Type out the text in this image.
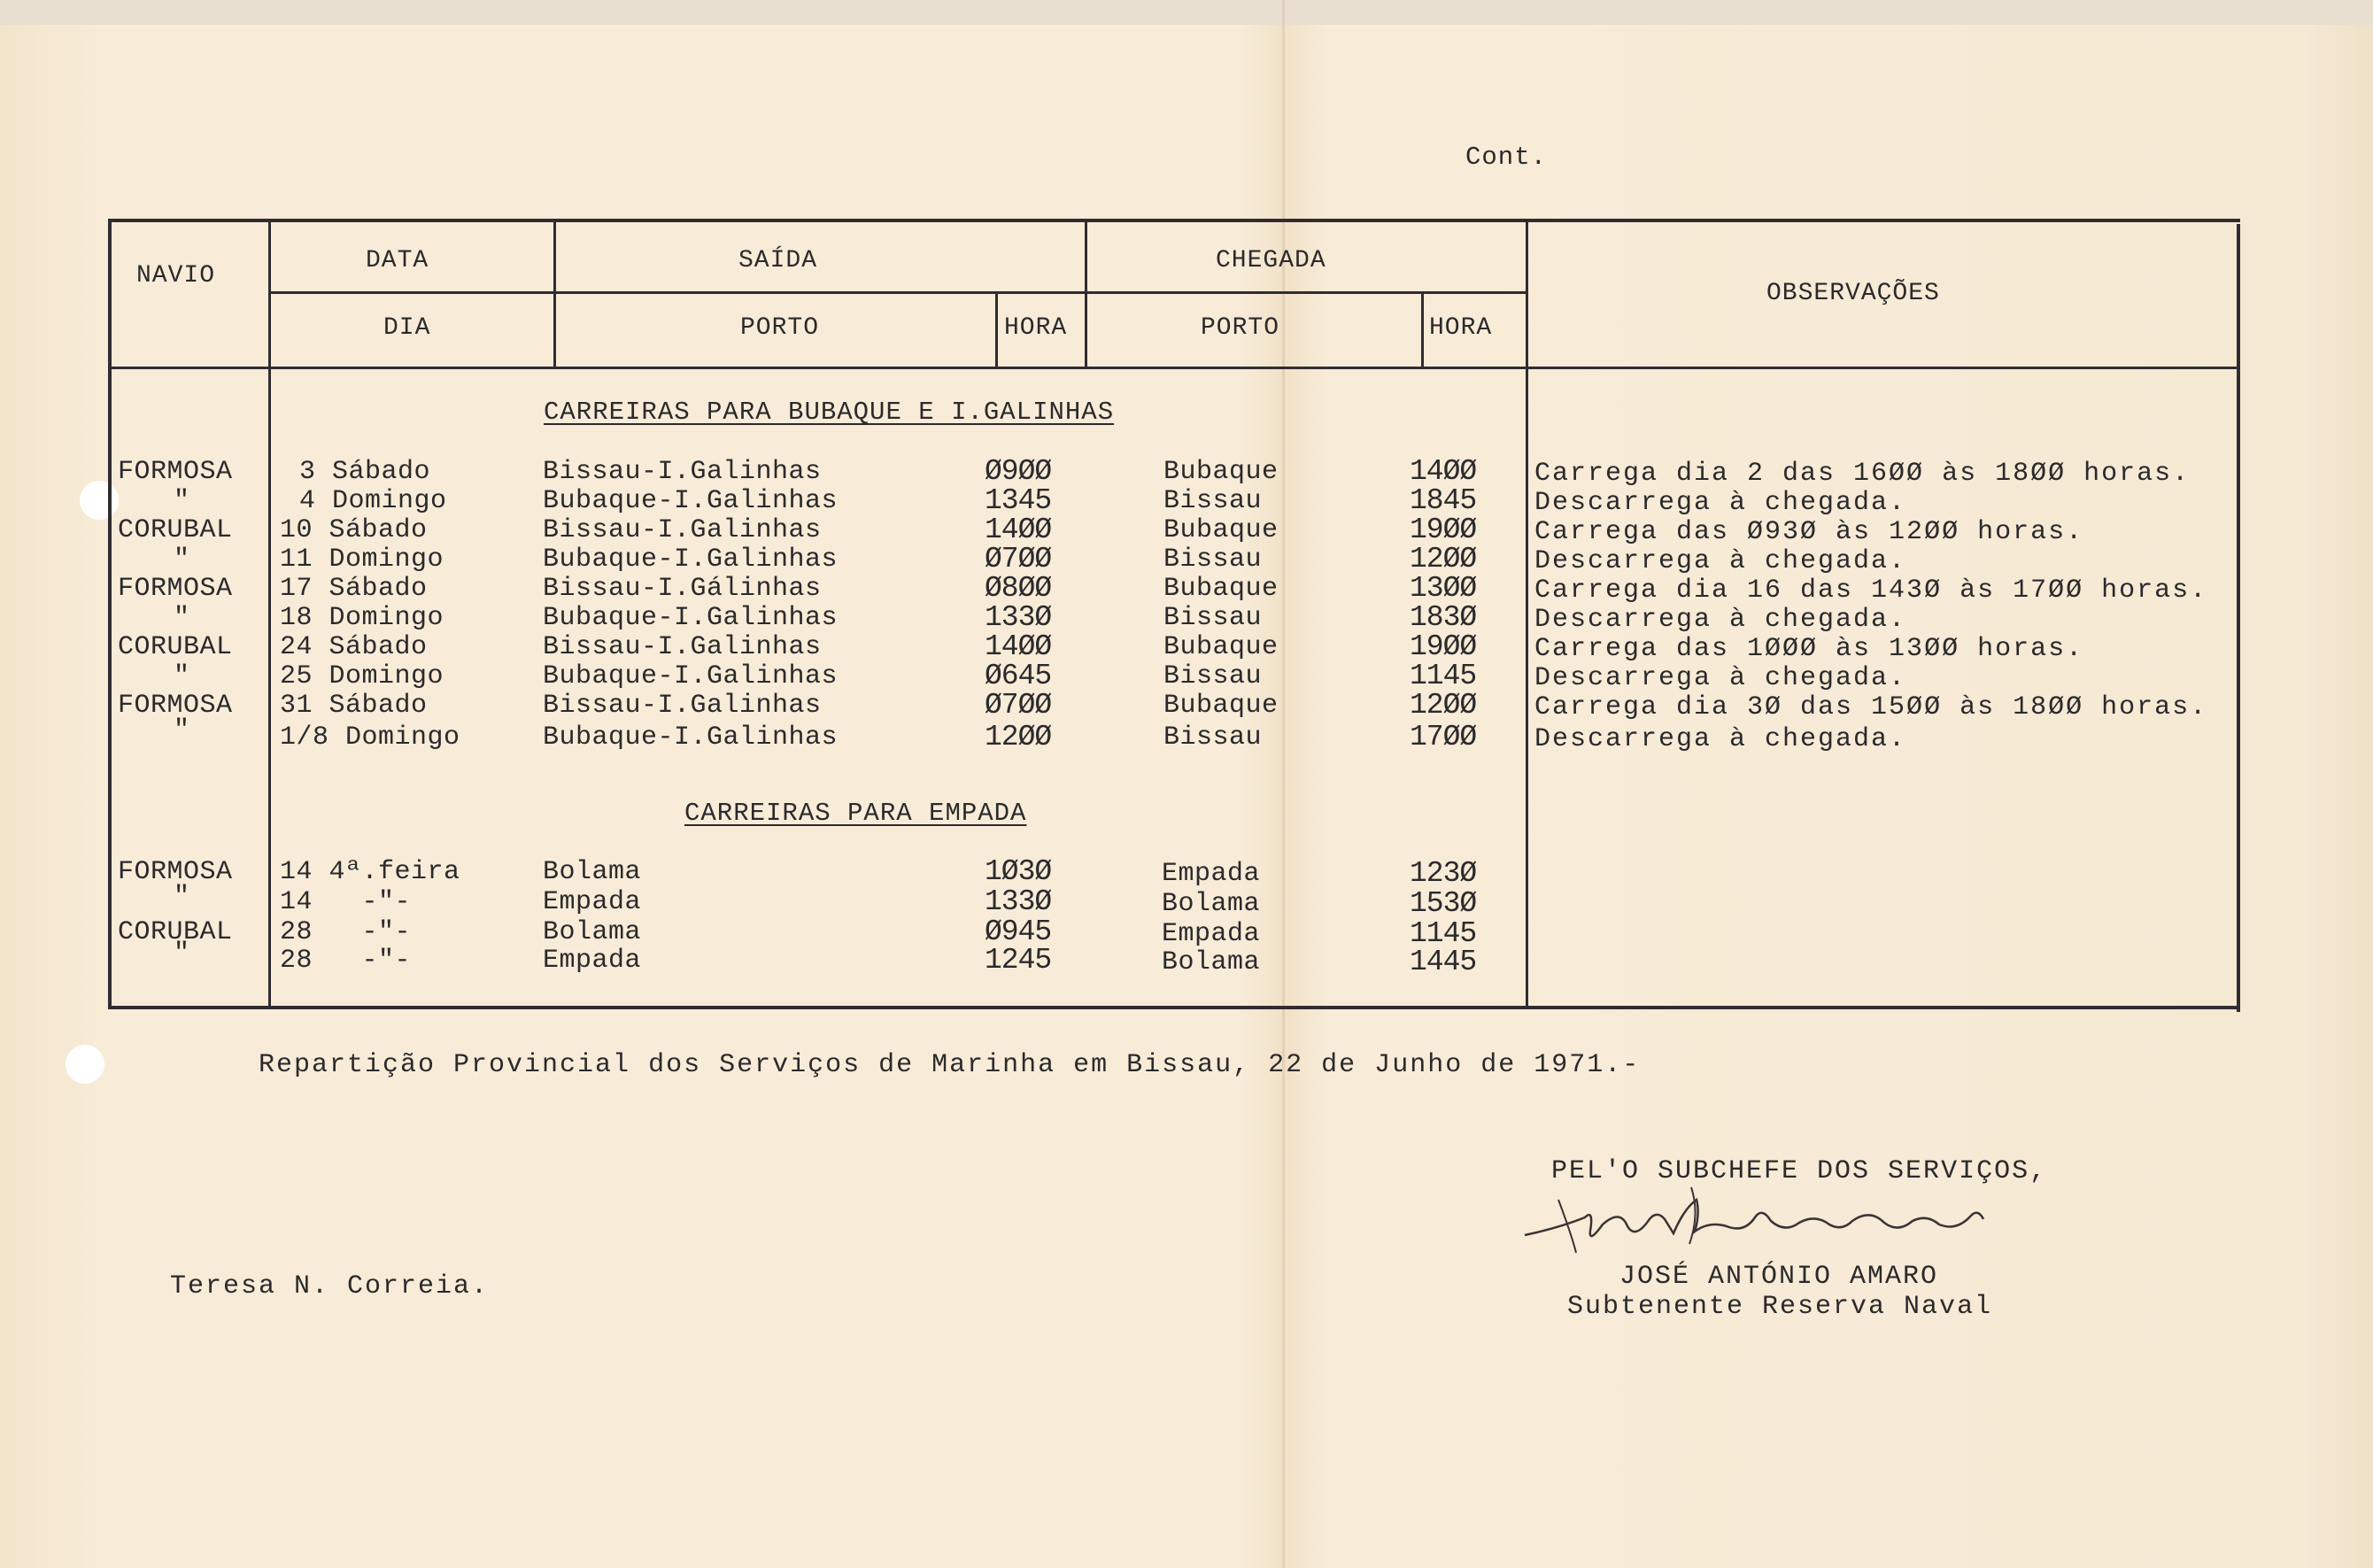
Cont.
NAVIO
DATA	SAÍDA	CHEGADA
OBSERVAÇÕES
DIA	PORTO	HORA	PORTO	HORA
CARREIRAS PARA BUBAQUE E I.GALINHAS
FORMOSA	3 Sábado	Bissau-I.Galinhas	Ø9ØØ	Bubaque	14ØØ Carrega dia 2 das 16ØØ às 18ØØ horas.
"	4 Domingo	Bubaque-I.Galinhas	1345	Bissau	1845 Descarrega à chegada.
CORUBAL 10 Sábado	Bissau-I.Galinhas	14ØØ	Bubaque	19ØØ Carrega das Ø93Ø às 12ØØ horas.
"	11 Domingo	Bubaque-I.Galinhas	Ø7ØØ	Bissau	12ØØ Descarrega à chegada.
FORMOSA 17 Sábado	Bissau-I.Gálinhas	Ø8ØØ	Bubaque	13ØØ Carrega dia 16 das 143Ø às 17ØØ horas.
"	18 Domingo	Bubaque-I.Galinhas	133Ø	Bissau	183Ø Descarrega à chegada.
CORUBAL 24 Sábado	Bissau-I.Galinhas	14ØØ	Bubaque	19ØØ Carrega das 1ØØØ às 13ØØ horas.
"	25 Domingo	Bubaque-I.Galinhas	Ø645	Bissau	1145 Descarrega à chegada.
FORMOSA 31 Sábado	Bissau-I.Galinhas	Ø7ØØ	Bubaque	12ØØ Carrega dia 3Ø das 15ØØ às 18ØØ horas.
"	1/8 Domingo	Bubaque-I.Galinhas	12ØØ	Bissau	17ØØ Descarrega à chegada.
CARREIRAS PARA EMPADA
FORMOSA 14 4ª.feira	Bolama	1Ø3Ø	Empada	123Ø
"	14   -"-	Empada	133Ø	Bolama	153Ø
CORUBAL 28   -"-	Bolama	Ø945	Empada	1145
"	28   -"-	Empada	1245	Bolama	1445
Repartição Provincial dos Serviços de Marinha em Bissau, 22 de Junho de 1971.-
PEL'O SUBCHEFE DOS SERVIÇOS,
JOSÉ ANTÓNIO AMARO
Subtenente Reserva Naval
Teresa N. Correia.
